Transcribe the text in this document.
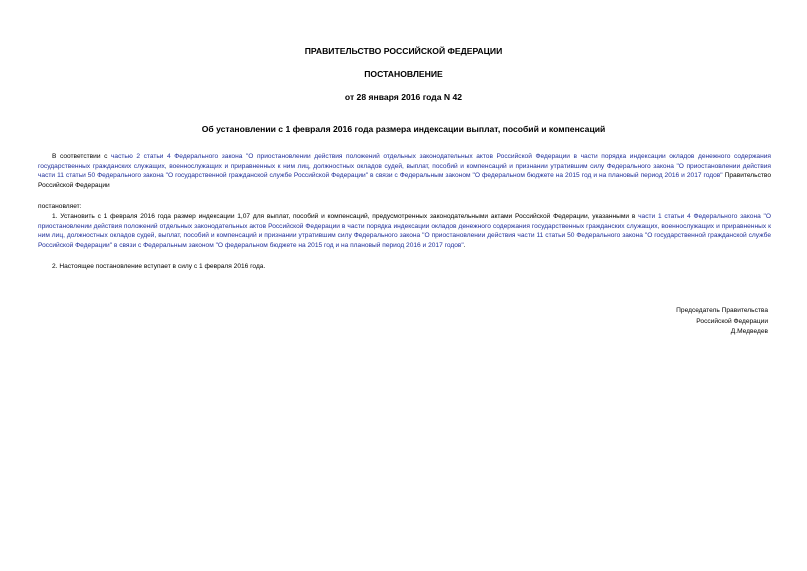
ПРАВИТЕЛЬСТВО РОССИЙСКОЙ ФЕДЕРАЦИИ
ПОСТАНОВЛЕНИЕ
от 28 января 2016 года N 42
Об установлении с 1 февраля 2016 года размера индексации выплат, пособий и компенсаций
В соответствии с частью 2 статьи 4 Федерального закона "О приостановлении действия положений отдельных законодательных актов Российской Федерации в части порядка индексации окладов денежного содержания государственных гражданских служащих, военнослужащих и приравненных к ним лиц, должностных окладов судей, выплат, пособий и компенсаций и признании утратившим силу Федерального закона "О приостановлении действия части 11 статьи 50 Федерального закона "О государственной гражданской службе Российской Федерации" в связи с Федеральным законом "О федеральном бюджете на 2015 год и на плановый период 2016 и 2017 годов" Правительство Российской Федерации
постановляет:
1. Установить с 1 февраля 2016 года размер индексации 1,07 для выплат, пособий и компенсаций, предусмотренных законодательными актами Российской Федерации, указанными в части 1 статьи 4 Федерального закона "О приостановлении действия положений отдельных законодательных актов Российской Федерации в части порядка индексации окладов денежного содержания государственных гражданских служащих, военнослужащих и приравненных к ним лиц, должностных окладов судей, выплат, пособий и компенсаций и признании утратившим силу Федерального закона "О приостановлении действия части 11 статьи 50 Федерального закона "О государственной гражданской службе Российской Федерации" в связи с Федеральным законом "О федеральном бюджете на 2015 год и на плановый период 2016 и 2017 годов".
2. Настоящее постановление вступает в силу с 1 февраля 2016 года.
Председатель Правительства
Российской Федерации
Д.Медведев
